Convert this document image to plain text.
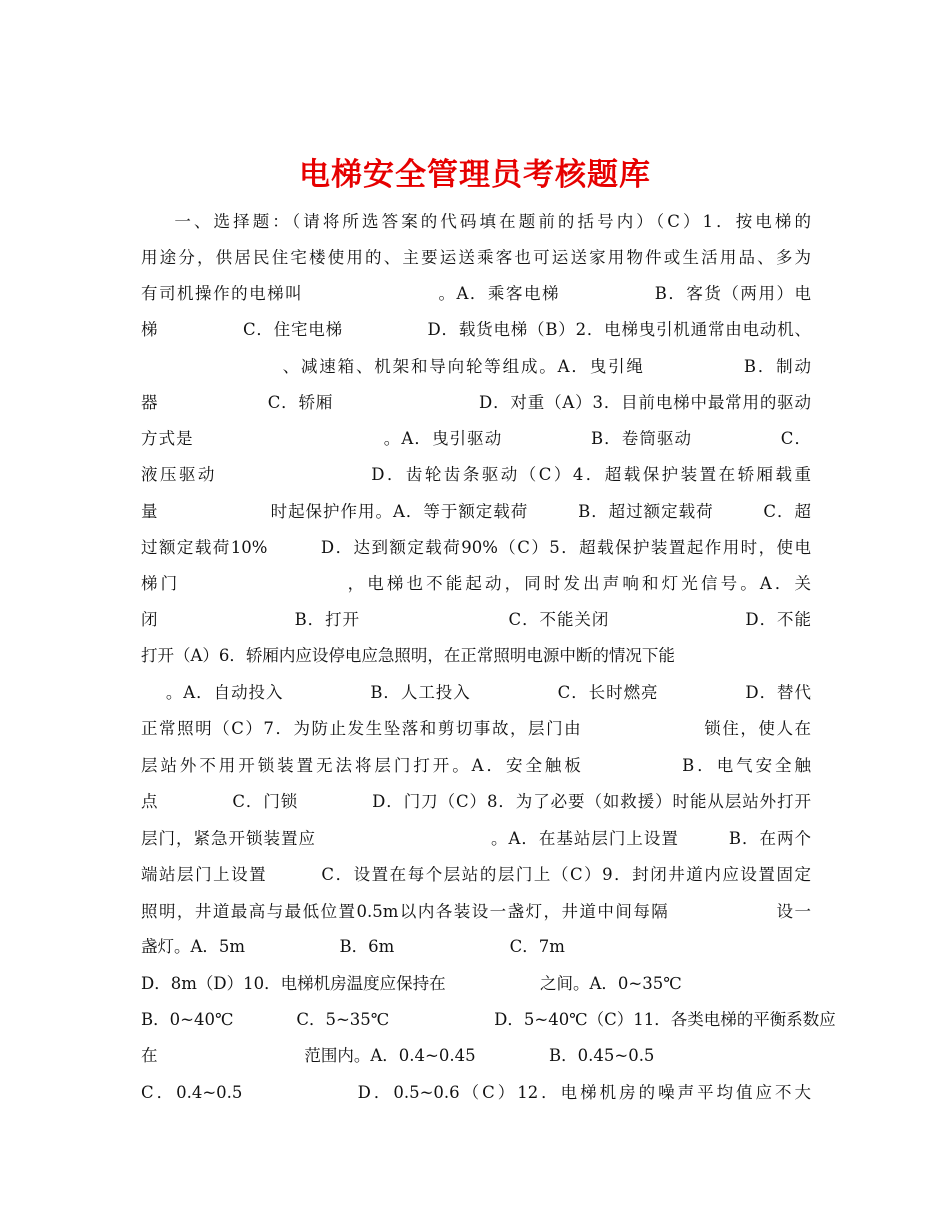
电梯安全管理员考核题库
一、选择题：（请将所选答案的代码填在题前的括号内）（C）1．按电梯的
用途分，供居民住宅楼使用的、主要运送乘客也可运送家用物件或生活用品、多为
有司机操作的电梯叫                    。A．乘客电梯              B．客货（两用）电
梯              C．住宅电梯              D．载货电梯（B）2．电梯曳引机通常由电动机、
、减速箱、机架和导向轮等组成。A．曳引绳              B．制动
器                  C．轿厢                        D．对重（A）3．目前电梯中最常用的驱动
方式是                              。A．曳引驱动              B．卷筒驱动              C．
液压驱动                    D．齿轮齿条驱动（C）4．超载保护装置在轿厢载重
量                  时起保护作用。A．等于额定载荷        B．超过额定载荷        C．超
过额定载荷10%        D．达到额定载荷90%（C）5．超载保护装置起作用时，使电
梯门                    ，电梯也不能起动，同时发出声响和灯光信号。A．关
闭                      B．打开                        C．不能关闭                      D．不能
打开（A）6．轿厢内应设停电应急照明，在正常照明电源中断的情况下能
。A．自动投入              B．人工投入              C．长时燃亮              D．替代
正常照明（C）7．为防止发生坠落和剪切事故，层门由                  锁住，使人在
层站外不用开锁装置无法将层门打开。A．安全触板            B．电气安全触
点            C．门锁            D．门刀（C）8．为了必要（如救援）时能从层站外打开
层门，紧急开锁装置应                            。A．在基站层门上设置        B．在两个
端站层门上设置        C．设置在每个层站的层门上（C）9．封闭井道内应设置固定
照明，井道最高与最低位置0.5m以内各装设一盏灯，井道中间每隔                设一
盏灯。A．5m                  B．6m                      C．7m
D．8m（D）10．电梯机房温度应保持在                  之间。A．0~35℃
B．0~40℃            C．5~35℃                    D．5~40℃（C）11．各类电梯的平衡系数应
在                            范围内。A．0.4~0.45              B．0.45~0.5
C．0.4~0.5              D．0.5~0.6（C）12．电梯机房的噪声平均值应不大
